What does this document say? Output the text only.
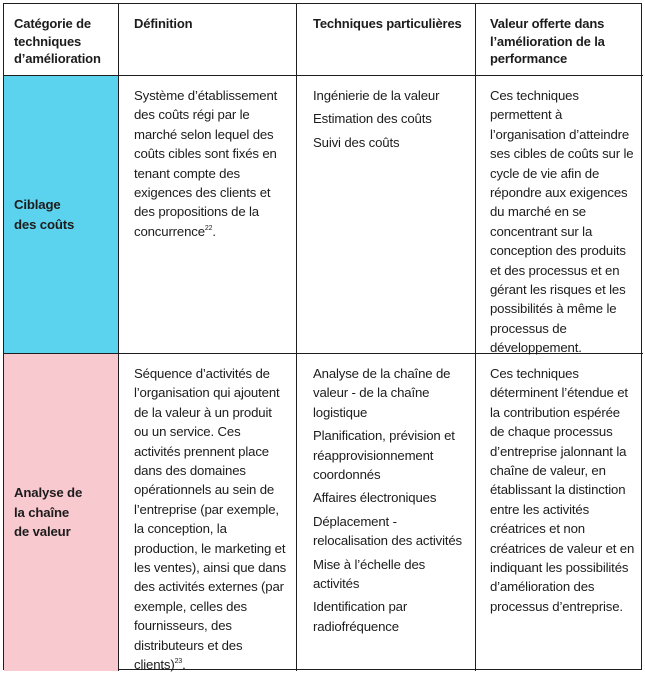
Catégorie de techniques d’amélioration
Définition	Techniques particulières	Valeur offerte dans l’amélioration de la performance
Ciblage
des coûts
Système d’établissement des coûts régi par le marché selon lequel des coûts cibles sont fixés en tenant compte des exigences des clients et des propositions de la concurrence$^{22}$.
Ingénierie de la valeur
Estimation des coûts
Suivi des coûts
Ces techniques permettent à l’organisation d’atteindre ses cibles de coûts sur le cycle de vie afin de répondre aux exigences du marché en se concentrant sur la conception des produits et des processus et en gérant les risques et les possibilités à même le processus de développement.
Analyse de
la chaîne
de valeur
Séquence d’activités de l’organisation qui ajoutent de la valeur à un produit ou un service. Ces activités prennent place dans des domaines opérationnels au sein de l’entreprise (par exemple, la conception, la production, le marketing et les ventes), ainsi que dans des activités externes (par exemple, celles des fournisseurs, des distributeurs et des clients)$^{23}$.
Analyse de la chaîne de valeur - de la chaîne logistique
Planification, prévision et réapprovisionnement coordonnés
Affaires électroniques
Déplacement - relocalisation des activités
Mise à l’échelle des activités
Identification par radiofréquence
Ces techniques déterminent l’étendue et la contribution espérée de chaque processus d’entreprise jalonnant la chaîne de valeur, en établissant la distinction entre les activités créatrices et non créatrices de valeur et en indiquant les possibilités d’amélioration des processus d’entreprise.
